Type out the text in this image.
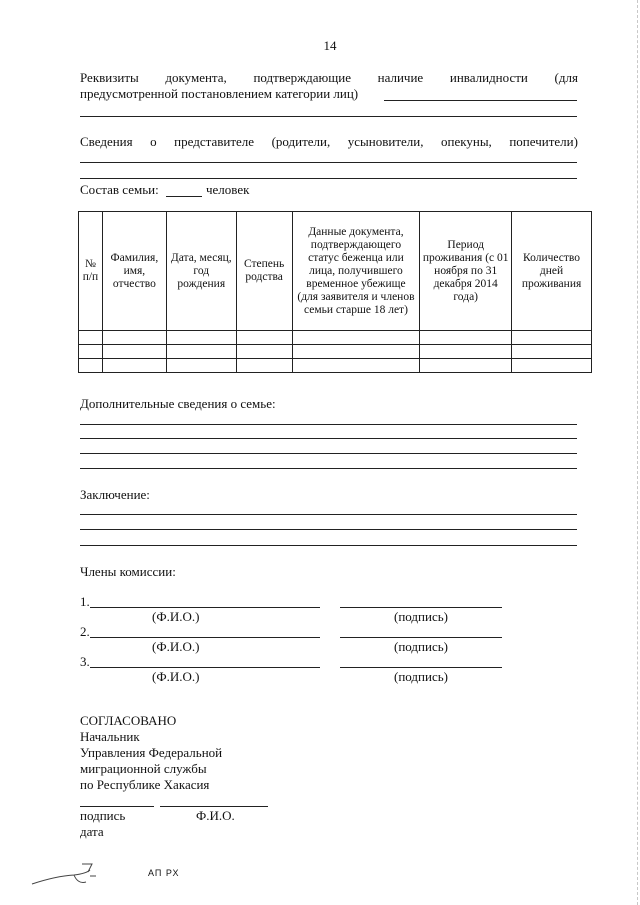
14
Реквизиты документа, подтверждающие наличие инвалидности (для
предусмотренной постановлением категории лиц)
Сведения о представителе (родители, усыновители, опекуны, попечители)
Состав семьи:	человек
№ п/п	Фамилия, имя, отчество	Дата, месяц, год рождения	Степень родства	Данные документа, подтверждающего статус беженца или лица, получившего временное убежище (для заявителя и членов семьи старше 18 лет)	Период проживания (с 01 ноября по 31 декабря 2014 года)	Количество дней проживания

Дополнительные сведения о семье:
Заключение:
Члены комиссии:
1.
(Ф.И.О.)	(подпись)
2.
(Ф.И.О.)	(подпись)
3.
(Ф.И.О.)	(подпись)
СОГЛАСОВАНО
Начальник
Управления Федеральной
миграционной службы
по Республике Хакасия
подпись	Ф.И.О.
дата
АП РХ
